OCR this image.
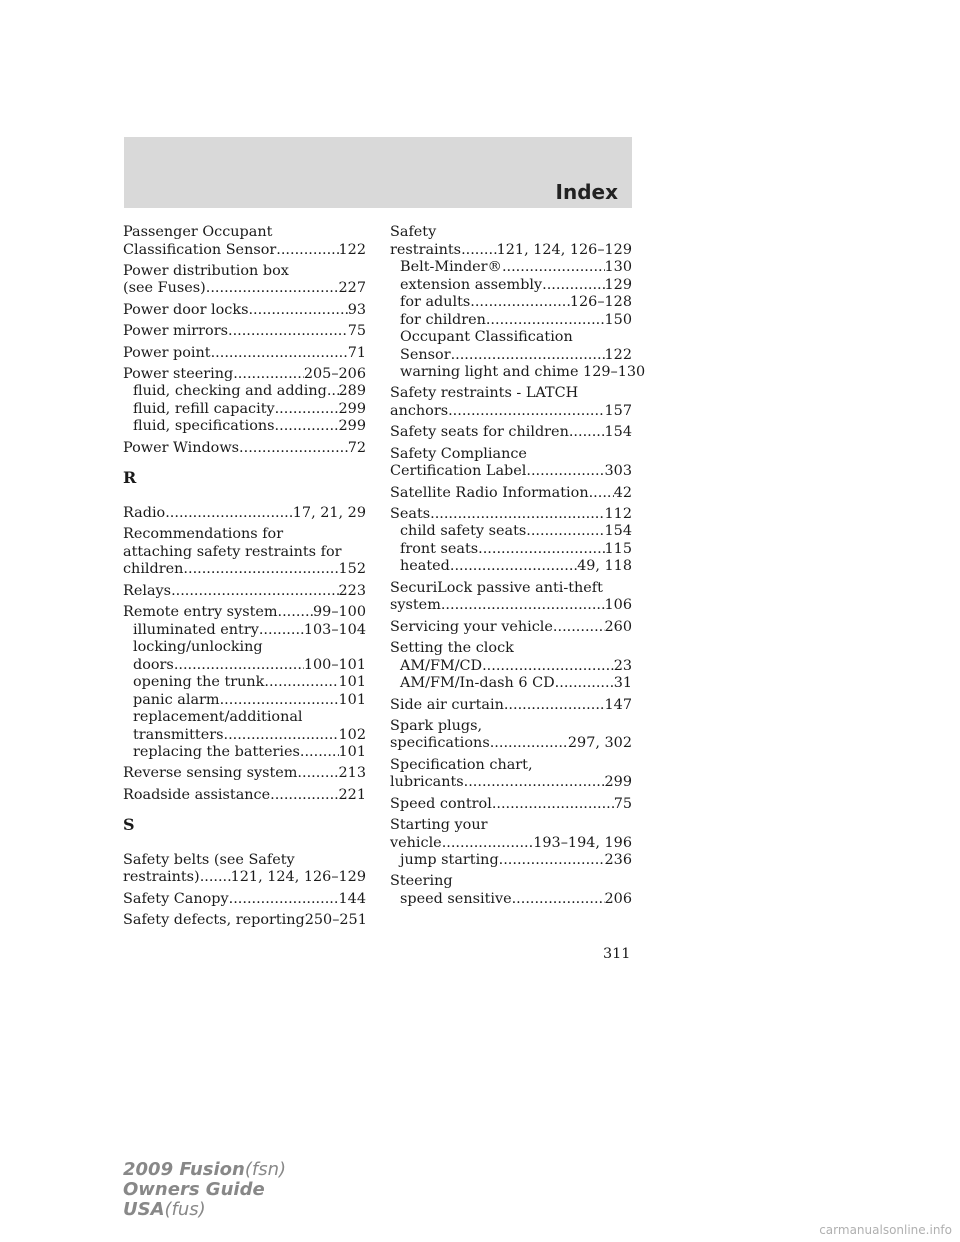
Index
Passenger Occupant
Classification Sensor .....	122
Power distribution box
(see Fuses) .....	227
Power door locks .....	93
Power mirrors .....	75
Power point .....	71
Power steering .....	205–206
fluid, checking and adding ..... 289
fluid, refill capacity .....	299
fluid, specifications .....	299
Power Windows .....	72
R
Radio .....	17, 21, 29
Recommendations for
attaching safety restraints for
children .....	152
Relays .....	223
Remote entry system ..... 99–100
illuminated entry .....	103–104
locking/unlocking
doors .....	100–101
opening the trunk .....	101
panic alarm .....	101
replacement/additional
transmitters .....	102
replacing the batteries .....	101
Reverse sensing system .....	213
Roadside assistance .....	221
S
Safety belts (see Safety
restraints) ..... 121, 124, 126–129
Safety Canopy .....	144
Safety defects, reporting 250–251
Safety
restraints ..... 121, 124, 126–129
Belt-Minder® .....	130
extension assembly .....	129
for adults .....	126–128
for children .....	150
Occupant Classification
Sensor .....	122
warning light and chime 129–130
Safety restraints - LATCH
anchors .....	157
Safety seats for children ..... 154
Safety Compliance
Certification Label .....	303
Satellite Radio Information ..... 42
Seats .....	112
child safety seats .....	154
front seats .....	115
heated .....	49, 118
SecuriLock passive anti-theft
system .....	106
Servicing your vehicle .....	260
Setting the clock
AM/FM/CD .....	23
AM/FM/In-dash 6 CD .....	31
Side air curtain .....	147
Spark plugs,
specifications .....	297, 302
Specification chart,
lubricants .....	299
Speed control .....	75
Starting your
vehicle .....	193–194, 196
jump starting .....	236
Steering
speed sensitive .....	206
311
2009 Fusion(fsn)
Owners Guide
USA(fus)
carmanualsonline.info
